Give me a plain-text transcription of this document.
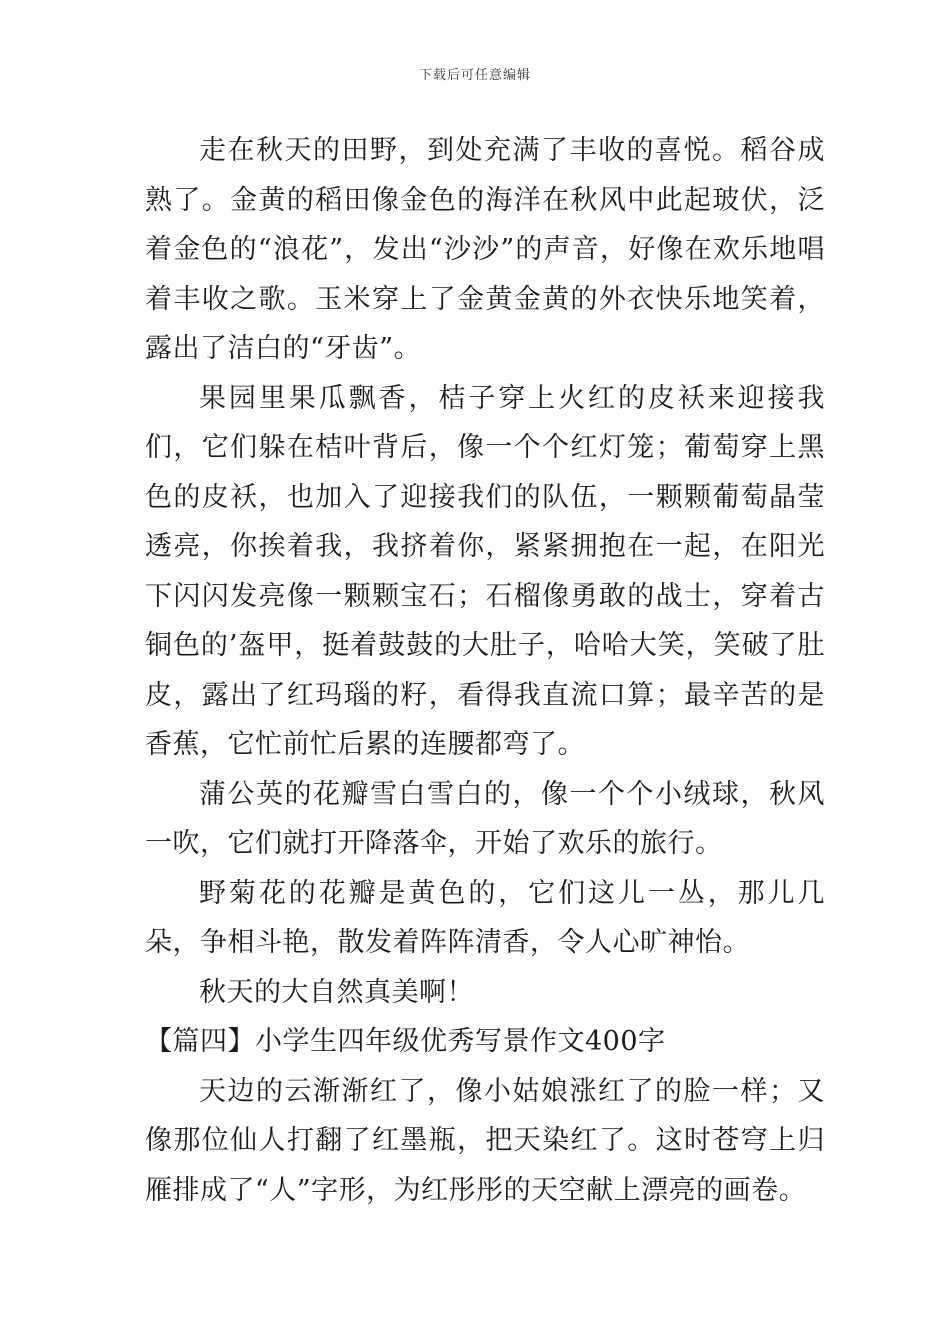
下载后可任意编辑

走在秋天的田野，到处充满了丰收的喜悦。稻谷成熟了。金黄的稻田像金色的海洋在秋风中此起玻伏，泛着金色的“浪花”，发出“沙沙”的声音，好像在欢乐地唱着丰收之歌。玉米穿上了金黄金黄的外衣快乐地笑着，露出了洁白的“牙齿”。

果园里果瓜飘香，桔子穿上火红的皮袄来迎接我们，它们躲在桔叶背后，像一个个红灯笼；葡萄穿上黑色的皮袄，也加入了迎接我们的队伍，一颗颗葡萄晶莹透亮，你挨着我，我挤着你，紧紧拥抱在一起，在阳光下闪闪发亮像一颗颗宝石；石榴像勇敢的战士，穿着古铜色的’盔甲，挺着鼓鼓的大肚子，哈哈大笑，笑破了肚皮，露出了红玛瑙的籽，看得我直流口算；最辛苦的是香蕉，它忙前忙后累的连腰都弯了。

蒲公英的花瓣雪白雪白的，像一个个小绒球，秋风一吹，它们就打开降落伞，开始了欢乐的旅行。

野菊花的花瓣是黄色的，它们这儿一丛，那儿几朵，争相斗艳，散发着阵阵清香，令人心旷神怡。

秋天的大自然真美啊！

【篇四】小学生四年级优秀写景作文400字

天边的云渐渐红了，像小姑娘涨红了的脸一样；又像那位仙人打翻了红墨瓶，把天染红了。这时苍穹上归雁排成了“人”字形，为红彤彤的天空献上漂亮的画卷。
